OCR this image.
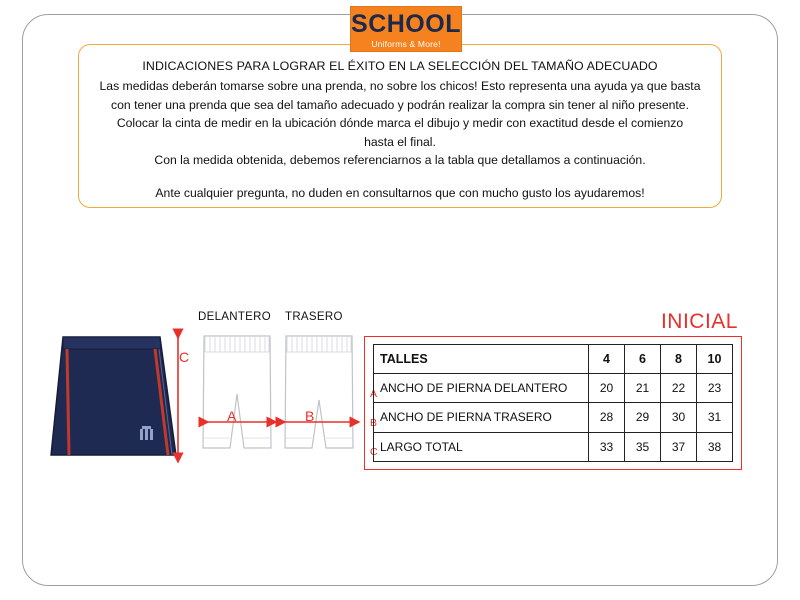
SCHOOL
Uniforms & More!
INDICACIONES PARA LOGRAR EL ÉXITO EN LA SELECCIÓN DEL TAMAÑO ADECUADO

Las medidas deberán tomarse sobre una prenda, no sobre los chicos! Esto representa una ayuda ya que basta

con tener una prenda que sea del tamaño adecuado y podrán realizar la compra sin tener al niño presente.

Colocar la cinta de medir en la ubicación dónde marca el dibujo y medir con exactitud desde el comienzo

hasta el final.

Con la medida obtenida, debemos referenciarnos a la tabla que detallamos a continuación.

Ante cualquier pregunta, no duden en consultarnos que con mucho gusto los ayudaremos!

INICIAL
DELANTERO TRASERO
C
A	B
A
B
C
TALLES	4	6	8	10
ANCHO DE PIERNA DELANTERO	20	21	22	23
ANCHO DE PIERNA TRASERO	28	29	30	31
LARGO TOTAL	33	35	37	38
